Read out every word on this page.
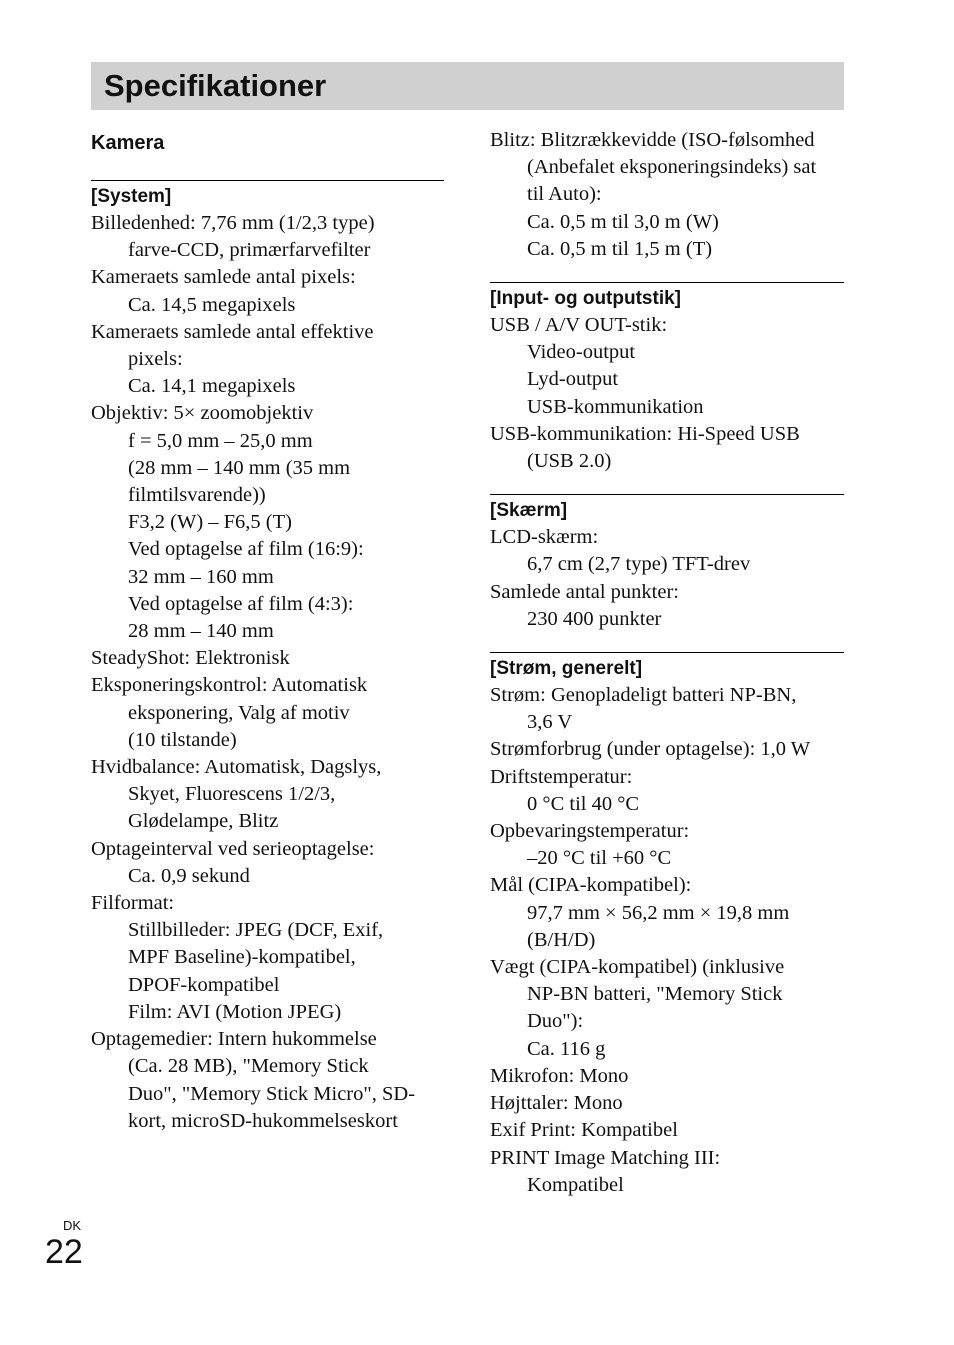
Specifikationer
Kamera
[System]
Billedenhed: 7,76 mm (1/2,3 type)
farve-CCD, primærfarvefilter
Kameraets samlede antal pixels:
Ca. 14,5 megapixels
Kameraets samlede antal effektive
pixels:
Ca. 14,1 megapixels
Objektiv: 5× zoomobjektiv
f = 5,0 mm – 25,0 mm
(28 mm – 140 mm (35 mm
filmtilsvarende))
F3,2 (W) – F6,5 (T)
Ved optagelse af film (16:9):
32 mm – 160 mm
Ved optagelse af film (4:3):
28 mm – 140 mm
SteadyShot: Elektronisk
Eksponeringskontrol: Automatisk
eksponering, Valg af motiv
(10 tilstande)
Hvidbalance: Automatisk, Dagslys,
Skyet, Fluorescens 1/2/3,
Glødelampe, Blitz
Optageinterval ved serieoptagelse:
Ca. 0,9 sekund
Filformat:
Stillbilleder: JPEG (DCF, Exif,
MPF Baseline)-kompatibel,
DPOF-kompatibel
Film: AVI (Motion JPEG)
Optagemedier: Intern hukommelse
(Ca. 28 MB), "Memory Stick
Duo", "Memory Stick Micro", SD-
kort, microSD-hukommelseskort
Blitz: Blitzrækkevidde (ISO-følsomhed
(Anbefalet eksponeringsindeks) sat
til Auto):
Ca. 0,5 m til 3,0 m (W)
Ca. 0,5 m til 1,5 m (T)
[Input- og outputstik]
USB / A/V OUT-stik:
Video-output
Lyd-output
USB-kommunikation
USB-kommunikation: Hi-Speed USB
(USB 2.0)
[Skærm]
LCD-skærm:
6,7 cm (2,7 type) TFT-drev
Samlede antal punkter:
230 400 punkter
[Strøm, generelt]
Strøm: Genopladeligt batteri NP-BN,
3,6 V
Strømforbrug (under optagelse): 1,0 W
Driftstemperatur:
0 °C til 40 °C
Opbevaringstemperatur:
–20 °C til +60 °C
Mål (CIPA-kompatibel):
97,7 mm × 56,2 mm × 19,8 mm
(B/H/D)
Vægt (CIPA-kompatibel) (inklusive
NP-BN batteri, "Memory Stick
Duo"):
Ca. 116 g
Mikrofon: Mono
Højttaler: Mono
Exif Print: Kompatibel
PRINT Image Matching III:
Kompatibel
DK
22
